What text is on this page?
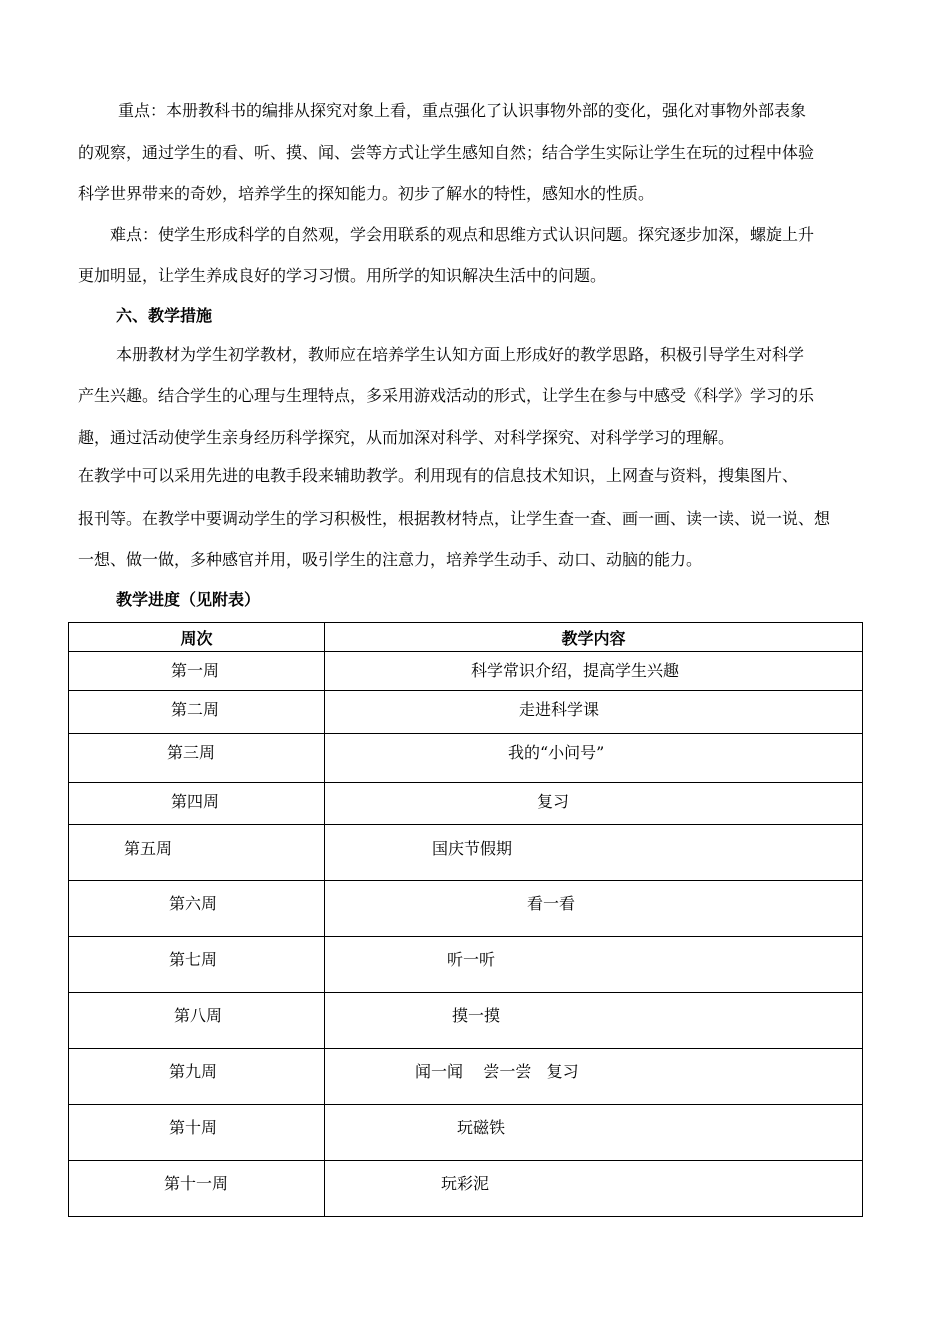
重点：本册教科书的编排从探究对象上看，重点强化了认识事物外部的变化，强化对事物外部表象
的观察，通过学生的看、听、摸、闻、尝等方式让学生感知自然；结合学生实际让学生在玩的过程中体验
科学世界带来的奇妙，培养学生的探知能力。初步了解水的特性，感知水的性质。
难点：使学生形成科学的自然观，学会用联系的观点和思维方式认识问题。探究逐步加深，螺旋上升
更加明显，让学生养成良好的学习习惯。用所学的知识解决生活中的问题。
六、教学措施
本册教材为学生初学教材，教师应在培养学生认知方面上形成好的教学思路，积极引导学生对科学
产生兴趣。结合学生的心理与生理特点，多采用游戏活动的形式，让学生在参与中感受《科学》学习的乐
趣，通过活动使学生亲身经历科学探究，从而加深对科学、对科学探究、对科学学习的理解。
在教学中可以采用先进的电教手段来辅助教学。利用现有的信息技术知识，上网查与资料，搜集图片、
报刊等。在教学中要调动学生的学习积极性，根据教材特点，让学生查一查、画一画、读一读、说一说、想
一想、做一做，多种感官并用，吸引学生的注意力，培养学生动手、动口、动脑的能力。
教学进度（见附表）
周次	教学内容

第一周	科学常识介绍，提高学生兴趣

第二周	走进科学课

第三周	我的“小问号”

第四周	复习

第五周	国庆节假期

第六周	看一看

第七周	听一听

第八周	摸一摸

第九周	闻一闻    尝一尝   复习

第十周	玩磁铁

第十一周	玩彩泥
